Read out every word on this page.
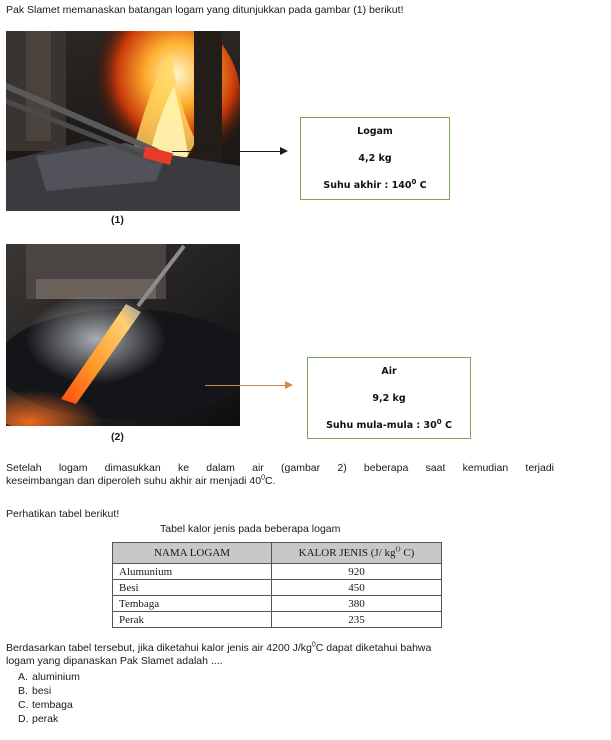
Pak Slamet memanaskan batangan logam yang ditunjukkan pada gambar (1) berikut!
(1)
Logam
4,2 kg
Suhu akhir : $140^0$ C
(2)
Air
9,2 kg
Suhu mula-mula : $30^0$ C
Setelah logam dimasukkan ke dalam air (gambar 2) beberapa saat kemudian terjadi
keseimbangan dan diperoleh suhu akhir air menjadi $40^0C$.
Perhatikan tabel berikut!
Tabel kalor jenis pada beberapa logam
NAMA LOGAM	KALOR JENIS (J/ $kg^O$ C)
Alumunium	920
Besi	450
Tembaga	380
Perak	235
Berdasarkan tabel tersebut, jika diketahui kalor jenis air 4200 $J/kg^0C$ dapat diketahui bahwa
logam yang dipanaskan Pak Slamet adalah ....
A. aluminium
B. besi
C. tembaga
D. perak
